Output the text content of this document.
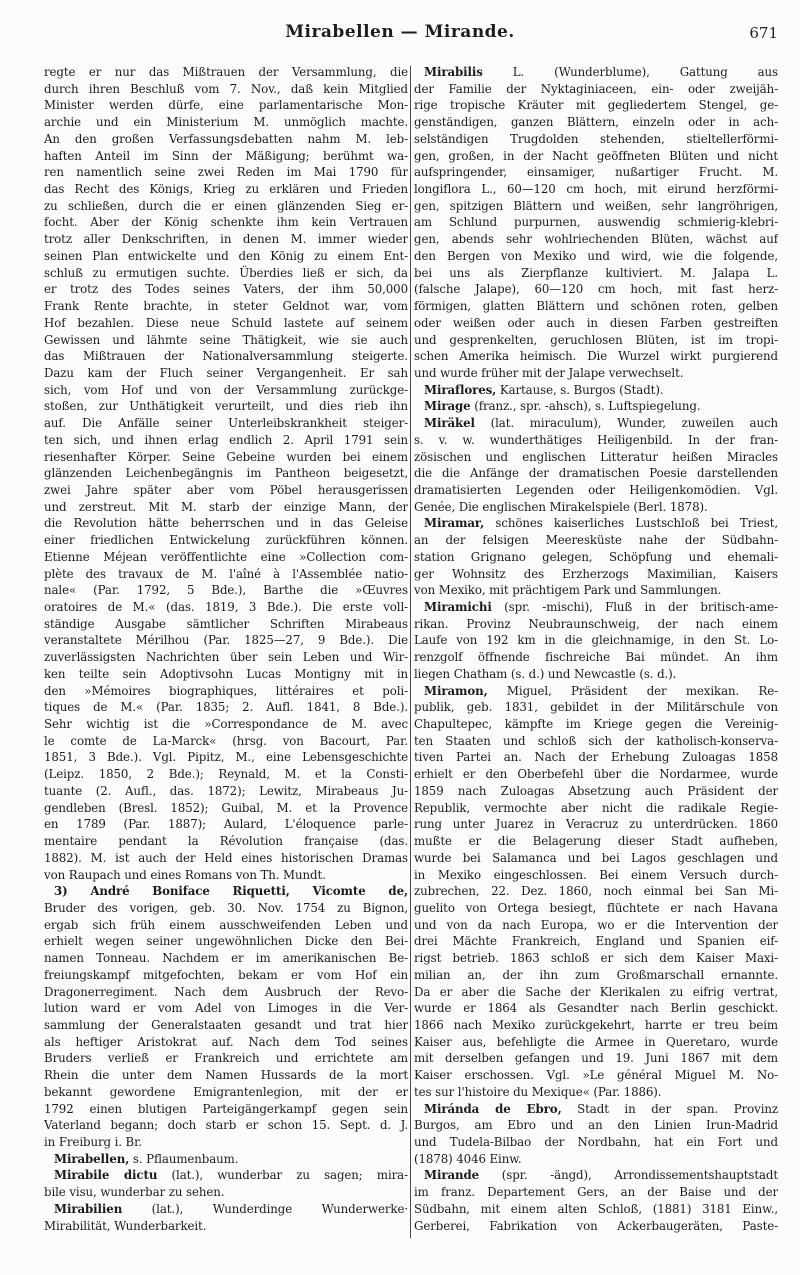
Mirabellen — Mirande.	671
regte er nur das Mißtrauen der Versammlung, die
durch ihren Beschluß vom 7. Nov., daß kein Mitglied
Minister werden dürfe, eine parlamentarische Mon-
archie und ein Ministerium M. unmöglich machte.
An den großen Verfassungsdebatten nahm M. leb-
haften Anteil im Sinn der Mäßigung; berühmt wa-
ren namentlich seine zwei Reden im Mai 1790 für
das Recht des Königs, Krieg zu erklären und Frieden
zu schließen, durch die er einen glänzenden Sieg er-
focht. Aber der König schenkte ihm kein Vertrauen
trotz aller Denkschriften, in denen M. immer wieder
seinen Plan entwickelte und den König zu einem Ent-
schluß zu ermutigen suchte. Überdies ließ er sich, da
er trotz des Todes seines Vaters, der ihm 50,000
Frank Rente brachte, in steter Geldnot war, vom
Hof bezahlen. Diese neue Schuld lastete auf seinem
Gewissen und lähmte seine Thätigkeit, wie sie auch
das Mißtrauen der Nationalversammlung steigerte.
Dazu kam der Fluch seiner Vergangenheit. Er sah
sich, vom Hof und von der Versammlung zurückge-
stoßen, zur Unthätigkeit verurteilt, und dies rieb ihn
auf. Die Anfälle seiner Unterleibskrankheit steiger-
ten sich, und ihnen erlag endlich 2. April 1791 sein
riesenhafter Körper. Seine Gebeine wurden bei einem
glänzenden Leichenbegängnis im Pantheon beigesetzt,
zwei Jahre später aber vom Pöbel herausgerissen
und zerstreut. Mit M. starb der einzige Mann, der
die Revolution hätte beherrschen und in das Geleise
einer friedlichen Entwickelung zurückführen können.
Etienne Méjean veröffentlichte eine »Collection com-
plète des travaux de M. l'aîné à l'Assemblée natio-
nale« (Par. 1792, 5 Bde.), Barthe die »Œuvres
oratoires de M.« (das. 1819, 3 Bde.). Die erste voll-
ständige Ausgabe sämtlicher Schriften Mirabeaus
veranstaltete Mérilhou (Par. 1825—27, 9 Bde.). Die
zuverlässigsten Nachrichten über sein Leben und Wir-
ken teilte sein Adoptivsohn Lucas Montigny mit in
den »Mémoires biographiques, littéraires et poli-
tiques de M.« (Par. 1835; 2. Aufl. 1841, 8 Bde.).
Sehr wichtig ist die »Correspondance de M. avec
le comte de La-Marck« (hrsg. von Bacourt, Par.
1851, 3 Bde.). Vgl. Pipitz, M., eine Lebensgeschichte
(Leipz. 1850, 2 Bde.); Reynald, M. et la Consti-
tuante (2. Aufl., das. 1872); Lewitz, Mirabeaus Ju-
gendleben (Bresl. 1852); Guibal, M. et la Provence
en 1789 (Par. 1887); Aulard, L'éloquence parle-
mentaire pendant la Révolution française (das.
1882). M. ist auch der Held eines historischen Dramas
von Raupach und eines Romans von Th. Mundt.
3) André Boniface Riquetti, Vicomte de,
Bruder des vorigen, geb. 30. Nov. 1754 zu Bignon,
ergab sich früh einem ausschweifenden Leben und
erhielt wegen seiner ungewöhnlichen Dicke den Bei-
namen Tonneau. Nachdem er im amerikanischen Be-
freiungskampf mitgefochten, bekam er vom Hof ein
Dragonerregiment. Nach dem Ausbruch der Revo-
lution ward er vom Adel von Limoges in die Ver-
sammlung der Generalstaaten gesandt und trat hier
als heftiger Aristokrat auf. Nach dem Tod seines
Bruders verließ er Frankreich und errichtete am
Rhein die unter dem Namen Hussards de la mort
bekannt gewordene Emigrantenlegion, mit der er
1792 einen blutigen Parteigängerkampf gegen sein
Vaterland begann; doch starb er schon 15. Sept. d. J.
in Freiburg i. Br.
Mirabellen, s. Pflaumenbaum.
Mirabile dictu (lat.), wunderbar zu sagen; mira-
bile visu, wunderbar zu sehen.
Mirabilien (lat.), Wunderdinge Wunderwerke·
Mirabilität, Wunderbarkeit.
Mirabilis L. (Wunderblume), Gattung aus
der Familie der Nyktaginiaceen, ein- oder zweijäh-
rige tropische Kräuter mit gegliedertem Stengel, ge-
genständigen, ganzen Blättern, einzeln oder in ach-
selständigen Trugdolden stehenden, stieltellerförmi-
gen, großen, in der Nacht geöffneten Blüten und nicht
aufspringender, einsamiger, nußartiger Frucht. M.
longiflora L., 60—120 cm hoch, mit eirund herzförmi-
gen, spitzigen Blättern und weißen, sehr langröhrigen,
am Schlund purpurnen, auswendig schmierig-klebri-
gen, abends sehr wohlriechenden Blüten, wächst auf
den Bergen von Mexiko und wird, wie die folgende,
bei uns als Zierpflanze kultiviert. M. Jalapa L.
(falsche Jalape), 60—120 cm hoch, mit fast herz-
förmigen, glatten Blättern und schönen roten, gelben
oder weißen oder auch in diesen Farben gestreiften
und gesprenkelten, geruchlosen Blüten, ist im tropi-
schen Amerika heimisch. Die Wurzel wirkt purgierend
und wurde früher mit der Jalape verwechselt.
Miraflores, Kartause, s. Burgos (Stadt).
Mirage (franz., spr. -ahsch), s. Luftspiegelung.
Miräkel (lat. miraculum), Wunder, zuweilen auch
s. v. w. wunderthätiges Heiligenbild. In der fran-
zösischen und englischen Litteratur heißen Miracles
die die Anfänge der dramatischen Poesie darstellenden
dramatisierten Legenden oder Heiligenkomödien. Vgl.
Genée, Die englischen Mirakelspiele (Berl. 1878).
Miramar, schönes kaiserliches Lustschloß bei Triest,
an der felsigen Meeresküste nahe der Südbahn-
station Grignano gelegen, Schöpfung und ehemali-
ger Wohnsitz des Erzherzogs Maximilian, Kaisers
von Mexiko, mit prächtigem Park und Sammlungen.
Miramichi (spr. -mischi), Fluß in der britisch-ame-
rikan. Provinz Neubraunschweig, der nach einem
Laufe von 192 km in die gleichnamige, in den St. Lo-
renzgolf öffnende fischreiche Bai mündet. An ihm
liegen Chatham (s. d.) und Newcastle (s. d.).
Miramon, Miguel, Präsident der mexikan. Re-
publik, geb. 1831, gebildet in der Militärschule von
Chapultepec, kämpfte im Kriege gegen die Vereinig-
ten Staaten und schloß sich der katholisch-konserva-
tiven Partei an. Nach der Erhebung Zuloagas 1858
erhielt er den Oberbefehl über die Nordarmee, wurde
1859 nach Zuloagas Absetzung auch Präsident der
Republik, vermochte aber nicht die radikale Regie-
rung unter Juarez in Veracruz zu unterdrücken. 1860
mußte er die Belagerung dieser Stadt aufheben,
wurde bei Salamanca und bei Lagos geschlagen und
in Mexiko eingeschlossen. Bei einem Versuch durch-
zubrechen, 22. Dez. 1860, noch einmal bei San Mi-
guelito von Ortega besiegt, flüchtete er nach Havana
und von da nach Europa, wo er die Intervention der
drei Mächte Frankreich, England und Spanien eif-
rigst betrieb. 1863 schloß er sich dem Kaiser Maxi-
milian an, der ihn zum Großmarschall ernannte.
Da er aber die Sache der Klerikalen zu eifrig vertrat,
wurde er 1864 als Gesandter nach Berlin geschickt.
1866 nach Mexiko zurückgekehrt, harrte er treu beim
Kaiser aus, befehligte die Armee in Queretaro, wurde
mit derselben gefangen und 19. Juni 1867 mit dem
Kaiser erschossen. Vgl. »Le général Miguel M. No-
tes sur l'histoire du Mexique« (Par. 1886).
Miránda de Ebro, Stadt in der span. Provinz
Burgos, am Ebro und an den Linien Irun-Madrid
und Tudela-Bilbao der Nordbahn, hat ein Fort und
(1878) 4046 Einw.
Mirande (spr. -ängd), Arrondissementshauptstadt
im franz. Departement Gers, an der Baise und der
Südbahn, mit einem alten Schloß, (1881) 3181 Einw.,
Gerberei, Fabrikation von Ackerbaugeräten, Paste-
